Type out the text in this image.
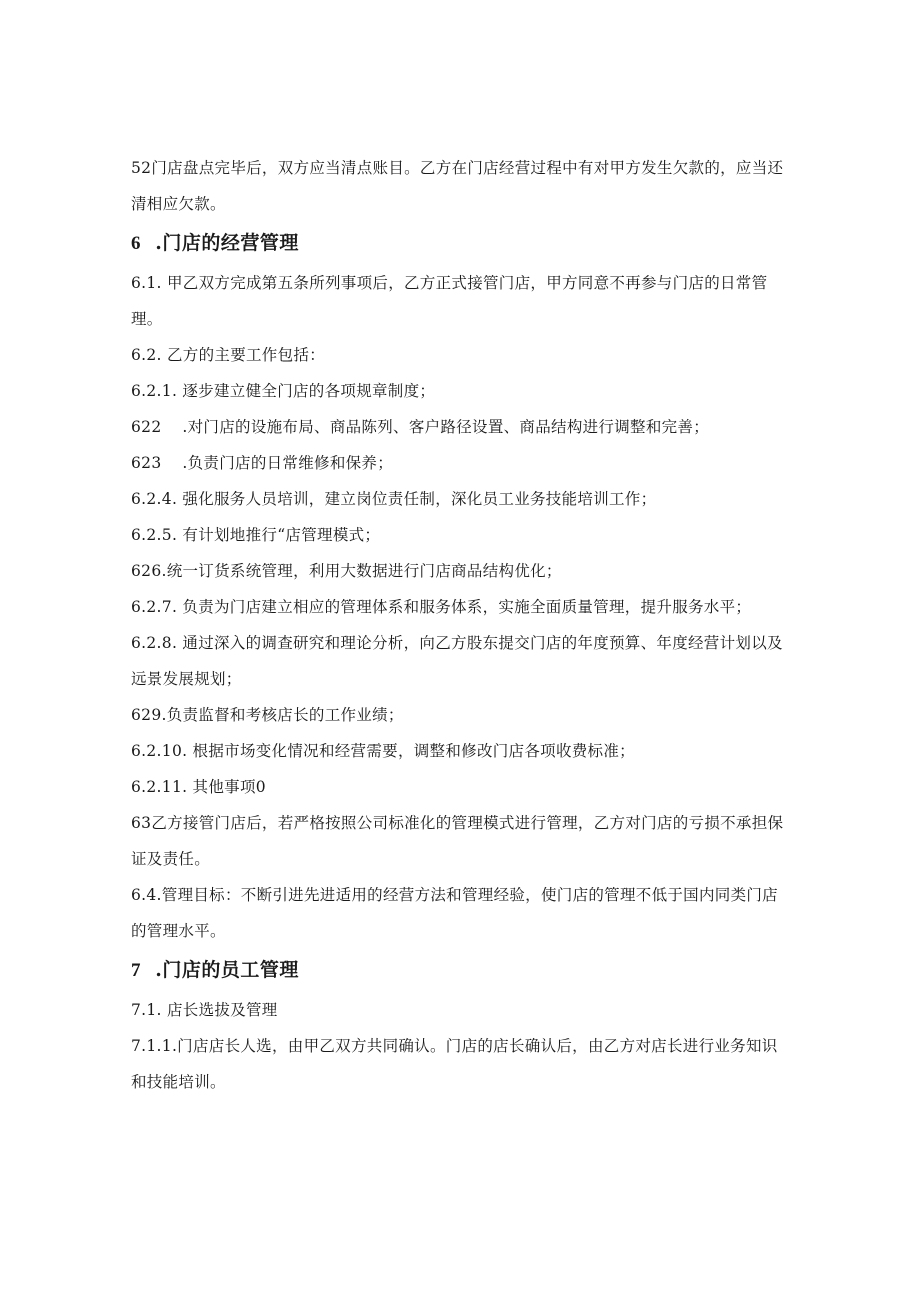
52门店盘点完毕后，双方应当清点账目。乙方在门店经营过程中有对甲方发生欠款的，应当还清相应欠款。

6  .门店的经营管理

6.1. 甲乙双方完成第五条所列事项后，乙方正式接管门店，甲方同意不再参与门店的日常管理。

6.2. 乙方的主要工作包括：

6.2.1. 逐步建立健全门店的各项规章制度；

622    .对门店的设施布局、商品陈列、客户路径设置、商品结构进行调整和完善；

623    .负责门店的日常维修和保养；

6.2.4. 强化服务人员培训，建立岗位责任制，深化员工业务技能培训工作；

6.2.5. 有计划地推行“店管理模式；

626.统一订货系统管理，利用大数据进行门店商品结构优化；

6.2.7. 负责为门店建立相应的管理体系和服务体系，实施全面质量管理，提升服务水平；

6.2.8. 通过深入的调查研究和理论分析，向乙方股东提交门店的年度预算、年度经营计划以及远景发展规划；

629.负责监督和考核店长的工作业绩；

6.2.10. 根据市场变化情况和经营需要，调整和修改门店各项收费标准；

6.2.11. 其他事项0

63乙方接管门店后，若严格按照公司标准化的管理模式进行管理，乙方对门店的亏损不承担保证及责任。

6.4.管理目标：不断引进先进适用的经营方法和管理经验，使门店的管理不低于国内同类门店的管理水平。

7  .门店的员工管理

7.1. 店长选拔及管理

7.1.1.门店店长人选，由甲乙双方共同确认。门店的店长确认后，由乙方对店长进行业务知识和技能培训。
